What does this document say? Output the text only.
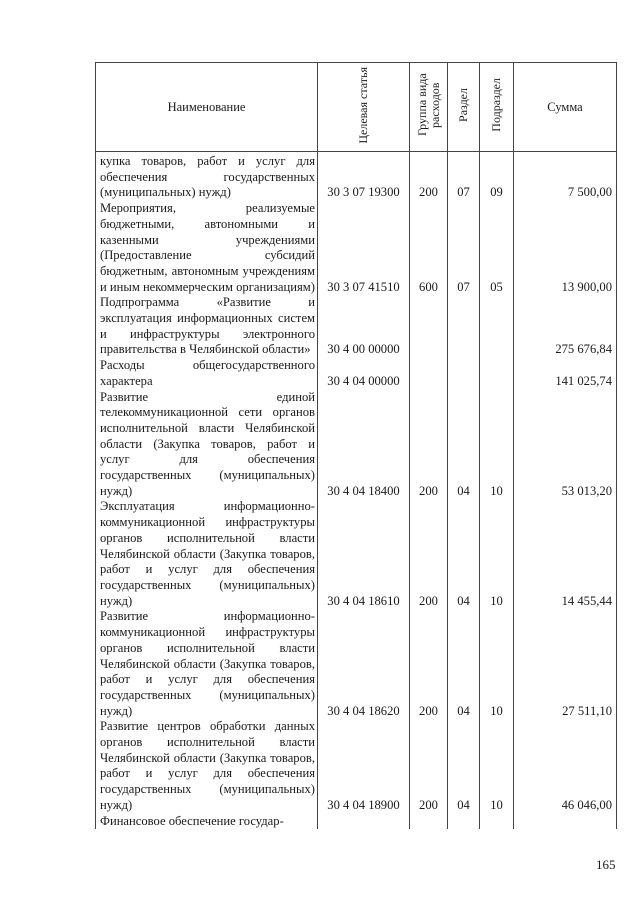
Наименование	Целевая статья	Группа вида расходов	Раздел	Подраздел	Сумма
купка товаров, работ и услуг для обеспечения государственных (муниципальных) нужд)	30 3 07 19300	200	07	09	7 500,00
Мероприятия, реализуемые бюджетными, автономными и казенными учреждениями (Предоставление субсидий бюджетным, автономным учреждениям и иным некоммерческим организациям)	30 3 07 41510	600	07	05	13 900,00
Подпрограмма «Развитие и эксплуатация информационных систем и инфраструктуры электронного правительства в Челябинской области»	30 4 00 00000				275 676,84
Расходы общегосударственного характера	30 4 04 00000				141 025,74
Развитие единой телекоммуникационной сети органов исполнительной власти Челябинской области (Закупка товаров, работ и услуг для обеспечения государственных (муниципальных) нужд)	30 4 04 18400	200	04	10	53 013,20
Эксплуатация информационно-коммуникационной инфраструктуры органов исполнительной власти Челябинской области (Закупка товаров, работ и услуг для обеспечения государственных (муниципальных) нужд)	30 4 04 18610	200	04	10	14 455,44
Развитие информационно-коммуникационной инфраструктуры органов исполнительной власти Челябинской области (Закупка товаров, работ и услуг для обеспечения государственных (муниципальных) нужд)	30 4 04 18620	200	04	10	27 511,10
Развитие центров обработки данных органов исполнительной власти Челябинской области (Закупка товаров, работ и услуг для обеспечения государственных (муниципальных) нужд)	30 4 04 18900	200	04	10	46 046,00
Финансовое обеспечение государ-					
165
